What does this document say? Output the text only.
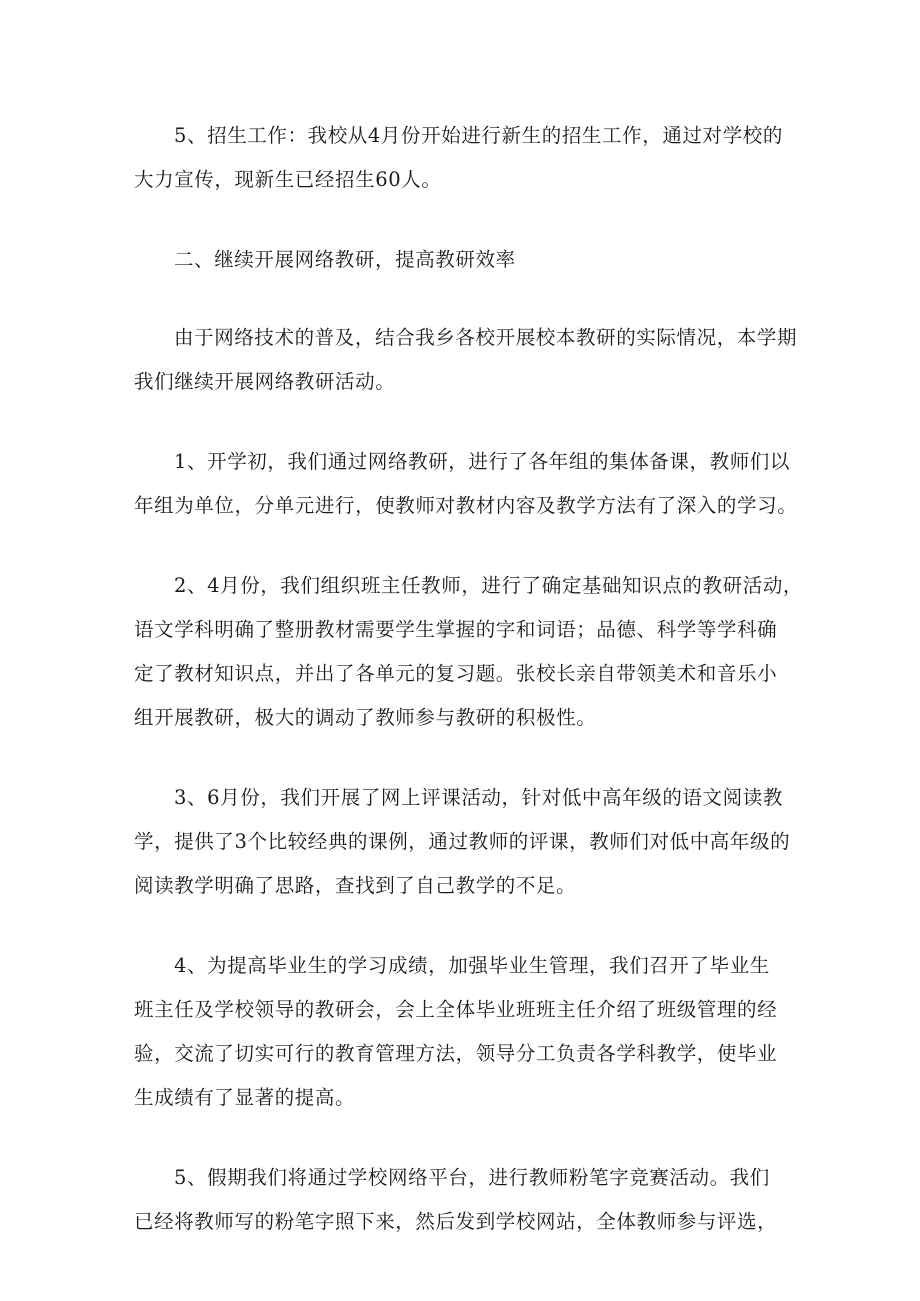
5、招生工作：我校从4月份开始进行新生的招生工作，通过对学校的
大力宣传，现新生已经招生60人。

二、继续开展网络教研，提高教研效率

由于网络技术的普及，结合我乡各校开展校本教研的实际情况，本学期
我们继续开展网络教研活动。

1、开学初，我们通过网络教研，进行了各年组的集体备课，教师们以
年组为单位，分单元进行，使教师对教材内容及教学方法有了深入的学习。

2、4月份，我们组织班主任教师，进行了确定基础知识点的教研活动，
语文学科明确了整册教材需要学生掌握的字和词语；品德、科学等学科确
定了教材知识点，并出了各单元的复习题。张校长亲自带领美术和音乐小
组开展教研，极大的调动了教师参与教研的积极性。

3、6月份，我们开展了网上评课活动，针对低中高年级的语文阅读教
学，提供了3个比较经典的课例，通过教师的评课，教师们对低中高年级的
阅读教学明确了思路，查找到了自己教学的不足。

4、为提高毕业生的学习成绩，加强毕业生管理，我们召开了毕业生
班主任及学校领导的教研会，会上全体毕业班班主任介绍了班级管理的经
验，交流了切实可行的教育管理方法，领导分工负责各学科教学，使毕业
生成绩有了显著的提高。

5、假期我们将通过学校网络平台，进行教师粉笔字竞赛活动。我们
已经将教师写的粉笔字照下来，然后发到学校网站，全体教师参与评选，
